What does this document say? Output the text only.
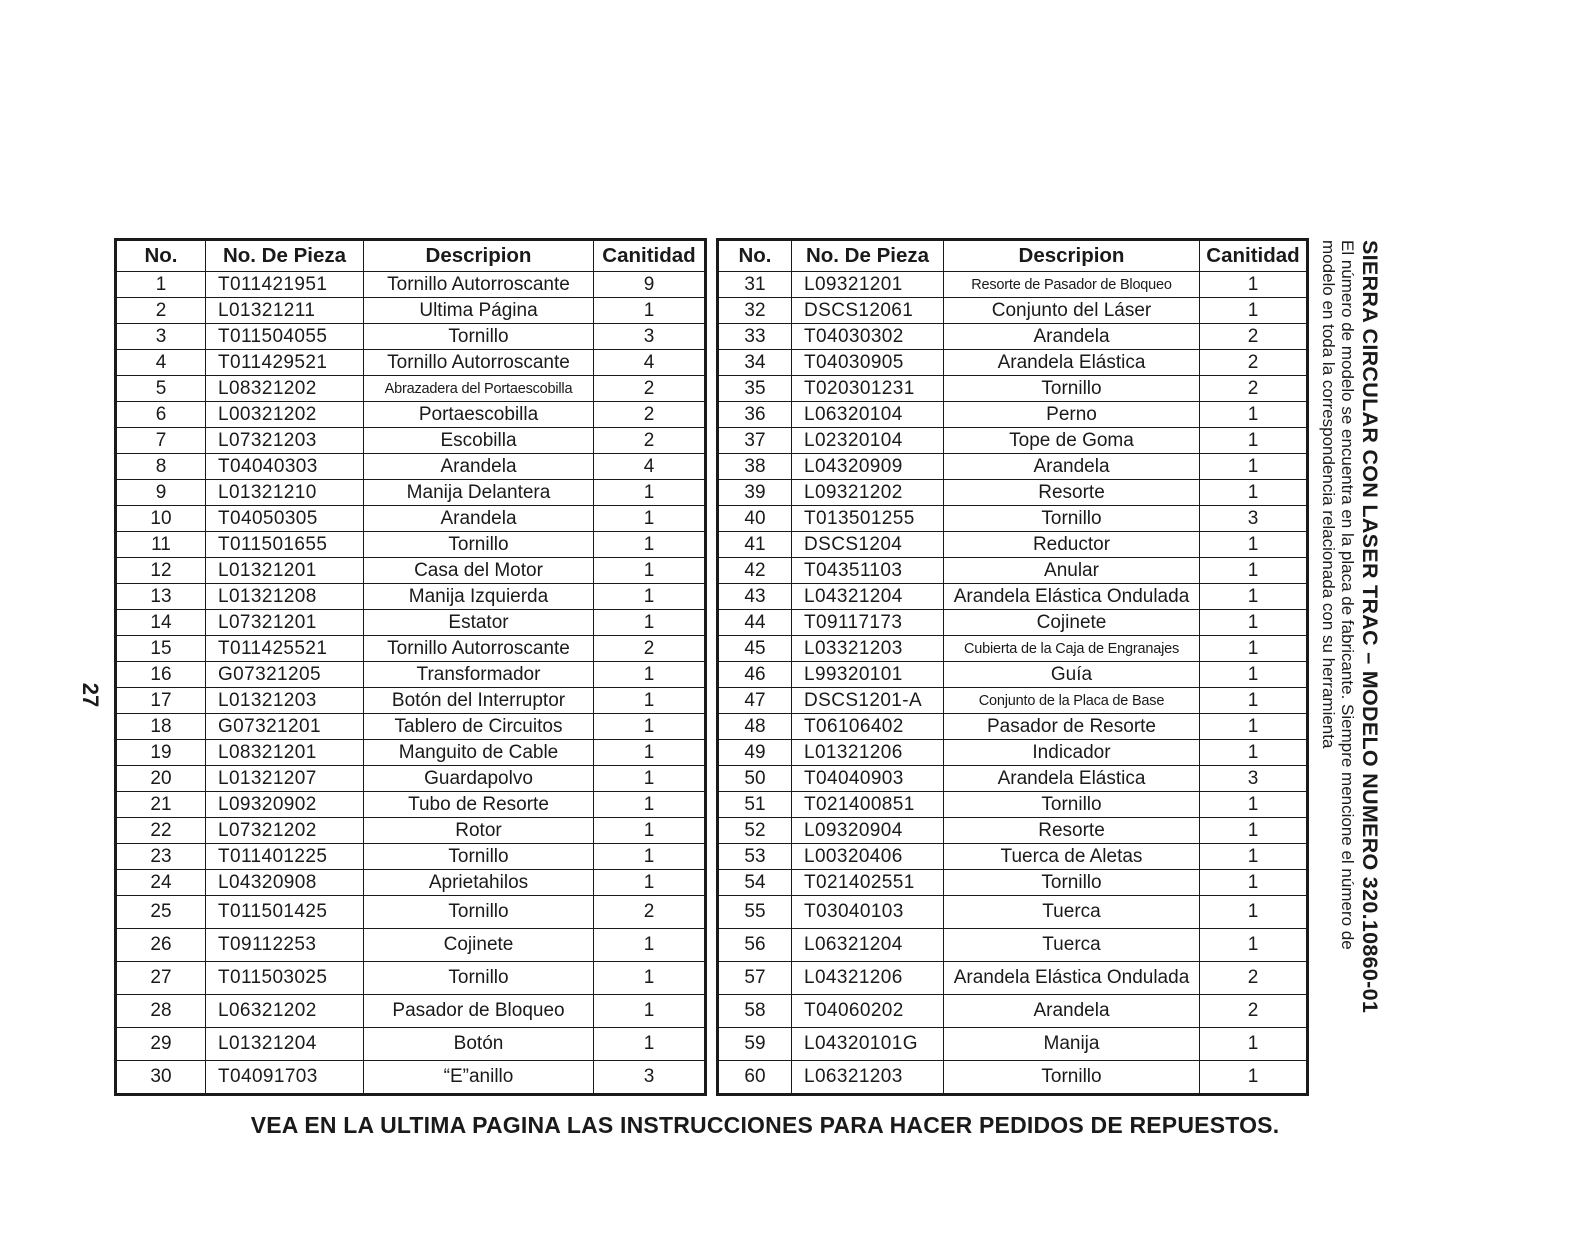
27
No.	No. De Pieza	Descripion	Canitidad
1	T011421951	Tornillo Autorroscante	9
2	L01321211	Ultima Página	1
3	T011504055	Tornillo	3
4	T011429521	Tornillo Autorroscante	4
5	L08321202	Abrazadera del Portaescobilla	2
6	L00321202	Portaescobilla	2
7	L07321203	Escobilla	2
8	T04040303	Arandela	4
9	L01321210	Manija Delantera	1
10	T04050305	Arandela	1
11	T011501655	Tornillo	1
12	L01321201	Casa del Motor	1
13	L01321208	Manija Izquierda	1
14	L07321201	Estator	1
15	T011425521	Tornillo Autorroscante	2
16	G07321205	Transformador	1
17	L01321203	Botón del Interruptor	1
18	G07321201	Tablero de Circuitos	1
19	L08321201	Manguito de Cable	1
20	L01321207	Guardapolvo	1
21	L09320902	Tubo de Resorte	1
22	L07321202	Rotor	1
23	T011401225	Tornillo	1
24	L04320908	Aprietahilos	1
25	T011501425	Tornillo	2
26	T09112253	Cojinete	1
27	T011503025	Tornillo	1
28	L06321202	Pasador de Bloqueo	1
29	L01321204	Botón	1
30	T04091703	“E”anillo	3
No.	No. De Pieza	Descripion	Canitidad
31	L09321201	Resorte de Pasador de Bloqueo	1
32	DSCS12061	Conjunto del Láser	1
33	T04030302	Arandela	2
34	T04030905	Arandela Elástica	2
35	T020301231	Tornillo	2
36	L06320104	Perno	1
37	L02320104	Tope de Goma	1
38	L04320909	Arandela	1
39	L09321202	Resorte	1
40	T013501255	Tornillo	3
41	DSCS1204	Reductor	1
42	T04351103	Anular	1
43	L04321204	Arandela Elástica Ondulada	1
44	T09117173	Cojinete	1
45	L03321203	Cubierta de la Caja de Engranajes	1
46	L99320101	Guía	1
47	DSCS1201-A	Conjunto de la Placa de Base	1
48	T06106402	Pasador de Resorte	1
49	L01321206	Indicador	1
50	T04040903	Arandela Elástica	3
51	T021400851	Tornillo	1
52	L09320904	Resorte	1
53	L00320406	Tuerca de Aletas	1
54	T021402551	Tornillo	1
55	T03040103	Tuerca	1
56	L06321204	Tuerca	1
57	L04321206	Arandela Elástica Ondulada	2
58	T04060202	Arandela	2
59	L04320101G	Manija	1
60	L06321203	Tornillo	1
SIERRA CIRCULAR CON LASER TRAC – MODELO NUMERO 320.10860-01
El número de modelo se encuentra en la placa de fabricante. Siempre mencione el número de
modelo en toda la correspondencia relacionada con su herramienta
VEA EN LA ULTIMA PAGINA LAS INSTRUCCIONES PARA HACER PEDIDOS DE REPUESTOS.
